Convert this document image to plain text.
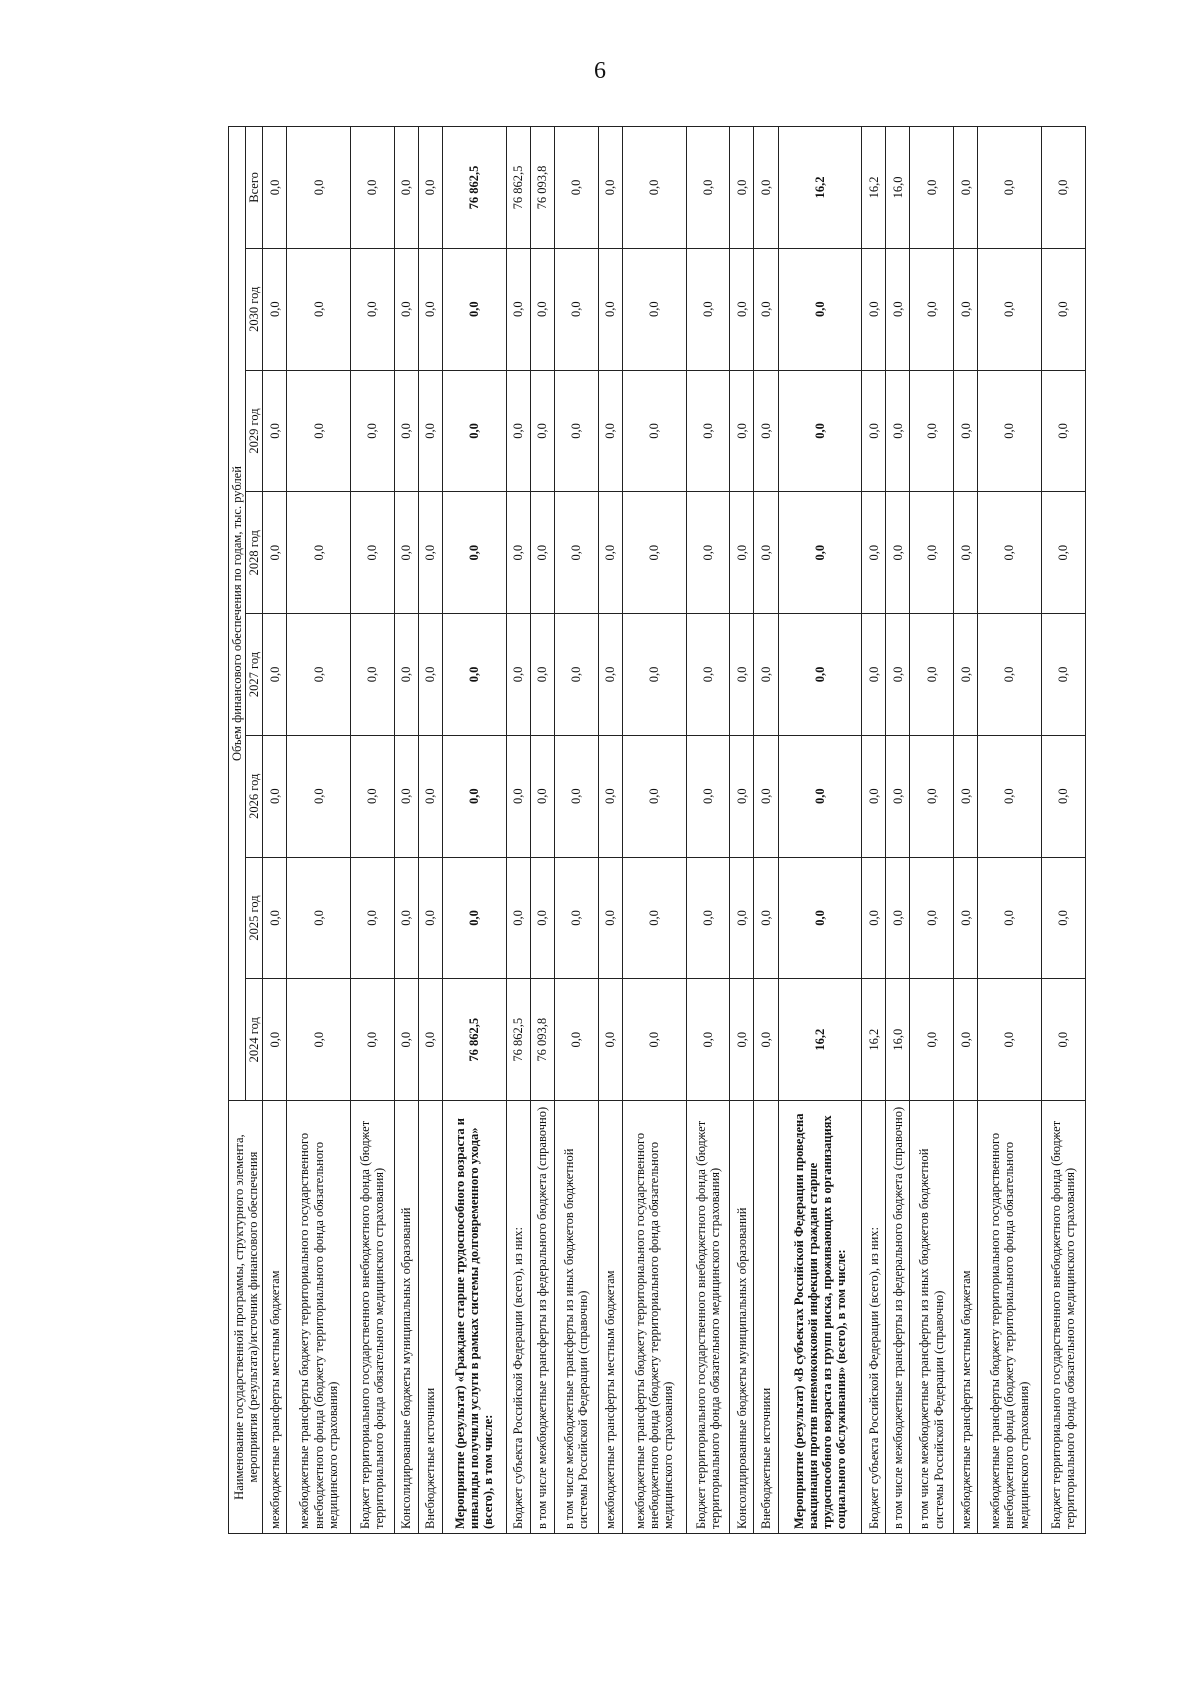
6
Наименование государственной программы, структурного элемента, мероприятия (результата)/источник финансового обеспечения	Объем финансового обеспечения по годам, тыс. рублей							
	2024 год	2025 год	2026 год	2027 год	2028 год	2029 год	2030 год	Всего
межбюджетные трансферты местным бюджетам	0,0	0,0	0,0	0,0	0,0	0,0	0,0	0,0
межбюджетные трансферты бюджету территориального государственного внебюджетного фонда (бюджету территориального фонда обязательного медицинского страхования)	0,0	0,0	0,0	0,0	0,0	0,0	0,0	0,0
Бюджет территориального государственного внебюджетного фонда (бюджет территориального фонда обязательного медицинского страхования)	0,0	0,0	0,0	0,0	0,0	0,0	0,0	0,0
Консолидированные бюджеты муниципальных образований	0,0	0,0	0,0	0,0	0,0	0,0	0,0	0,0
Внебюджетные источники	0,0	0,0	0,0	0,0	0,0	0,0	0,0	0,0
Мероприятие (результат) «Граждане старше трудоспособного возраста и инвалиды получили услуги в рамках системы долговременного ухода» (всего), в том числе:	76 862,5	0,0	0,0	0,0	0,0	0,0	0,0	76 862,5
Бюджет субъекта Российской Федерации (всего), из них:	76 862,5	0,0	0,0	0,0	0,0	0,0	0,0	76 862,5
в том числе межбюджетные трансферты из федерального бюджета (справочно)	76 093,8	0,0	0,0	0,0	0,0	0,0	0,0	76 093,8
в том числе межбюджетные трансферты из иных бюджетов бюджетной системы Российской Федерации (справочно)	0,0	0,0	0,0	0,0	0,0	0,0	0,0	0,0
межбюджетные трансферты местным бюджетам	0,0	0,0	0,0	0,0	0,0	0,0	0,0	0,0
межбюджетные трансферты бюджету территориального государственного внебюджетного фонда (бюджету территориального фонда обязательного медицинского страхования)	0,0	0,0	0,0	0,0	0,0	0,0	0,0	0,0
Бюджет территориального государственного внебюджетного фонда (бюджет территориального фонда обязательного медицинского страхования)	0,0	0,0	0,0	0,0	0,0	0,0	0,0	0,0
Консолидированные бюджеты муниципальных образований	0,0	0,0	0,0	0,0	0,0	0,0	0,0	0,0
Внебюджетные источники	0,0	0,0	0,0	0,0	0,0	0,0	0,0	0,0
Мероприятие (результат) «В субъектах Российской Федерации проведена вакцинация против пневмококковой инфекции граждан старше трудоспособного возраста из групп риска, проживающих в организациях социального обслуживания» (всего), в том числе:	16,2	0,0	0,0	0,0	0,0	0,0	0,0	16,2
Бюджет субъекта Российской Федерации (всего), из них:	16,2	0,0	0,0	0,0	0,0	0,0	0,0	16,2
в том числе межбюджетные трансферты из федерального бюджета (справочно)	16,0	0,0	0,0	0,0	0,0	0,0	0,0	16,0
в том числе межбюджетные трансферты из иных бюджетов бюджетной системы Российской Федерации (справочно)	0,0	0,0	0,0	0,0	0,0	0,0	0,0	0,0
межбюджетные трансферты местным бюджетам	0,0	0,0	0,0	0,0	0,0	0,0	0,0	0,0
межбюджетные трансферты бюджету территориального государственного внебюджетного фонда (бюджету территориального фонда обязательного медицинского страхования)	0,0	0,0	0,0	0,0	0,0	0,0	0,0	0,0
Бюджет территориального государственного внебюджетного фонда (бюджет территориального фонда обязательного медицинского страхования)	0,0	0,0	0,0	0,0	0,0	0,0	0,0	0,0
